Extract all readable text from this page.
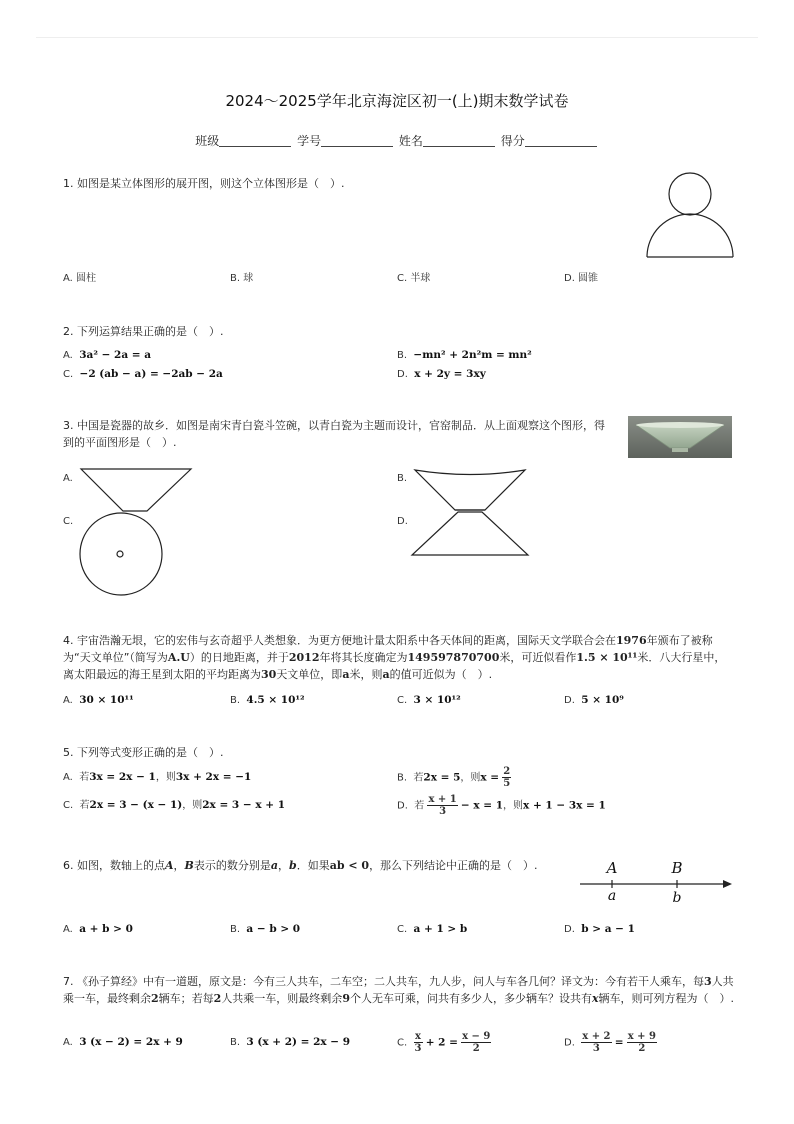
2024～2025学年北京海淀区初一(上)期末数学试卷
班级	学号	姓名	得分
1. 如图是某立体图形的展开图，则这个立体图形是（　）.
A. 圆柱	B. 球	C. 半球	D. 圆锥
2. 下列运算结果正确的是（　）.
A. 3a² − 2a = a	B. −mn² + 2n²m = mn²
C. −2 (ab − a) = −2ab − 2a	D. x + 2y = 3xy
3. 中国是瓷器的故乡．如图是南宋青白瓷斗笠碗，以青白瓷为主题而设计，官窑制品．从上面观察这个图形，得到的平面图形是（　）.
A.	B.
C.	D.
4. 宇宙浩瀚无垠，它的宏伟与玄奇超乎人类想象．为更方便地计量太阳系中各天体间的距离，国际天文学联合会在1976年颁布了被称为“天文单位”（简写为A.U）的日地距离，并于2012年将其长度确定为149597870700米，可近似看作1.5 × 10¹¹米．八大行星中，离太阳最远的海王星到太阳的平均距离为30天文单位，即a米，则a的值可近似为（　）.
A. 30 × 10¹¹	B. 4.5 × 10¹²	C. 3 × 10¹²	D. 5 × 10⁹
5. 下列等式变形正确的是（　）.
A. 若3x = 2x − 1，则3x + 2x = −1	B. 若2x = 5，则$x = \frac{2}{5}$
C. 若2x = 3 − (x − 1)，则2x = 3 − x + 1	D. 若 $\frac{x + 1}{3} - x = 1$，则x + 1 − 3x = 1
6. 如图，数轴上的点A，B表示的数分别是a，b．如果ab < 0，那么下列结论中正确的是（　）.	A	B
a	b
A. a + b > 0	B. a − b > 0	C. a + 1 > b	D. b > a − 1
7. 《孙子算经》中有一道题，原文是：今有三人共车，二车空；二人共车，九人步，问人与车各几何？译文为：今有若干人乘车，每3人共乘一车，最终剩余2辆车；若每2人共乘一车，则最终剩余9个人无车可乘，问共有多少人，多少辆车？设共有x辆车，则可列方程为（　）.
A. 3 (x − 2) = 2x + 9	B. 3 (x + 2) = 2x − 9	C. $\frac{x}{3} + 2 = \frac{x - 9}{2}$	D. $\frac{x + 2}{3} = \frac{x + 9}{2}$
